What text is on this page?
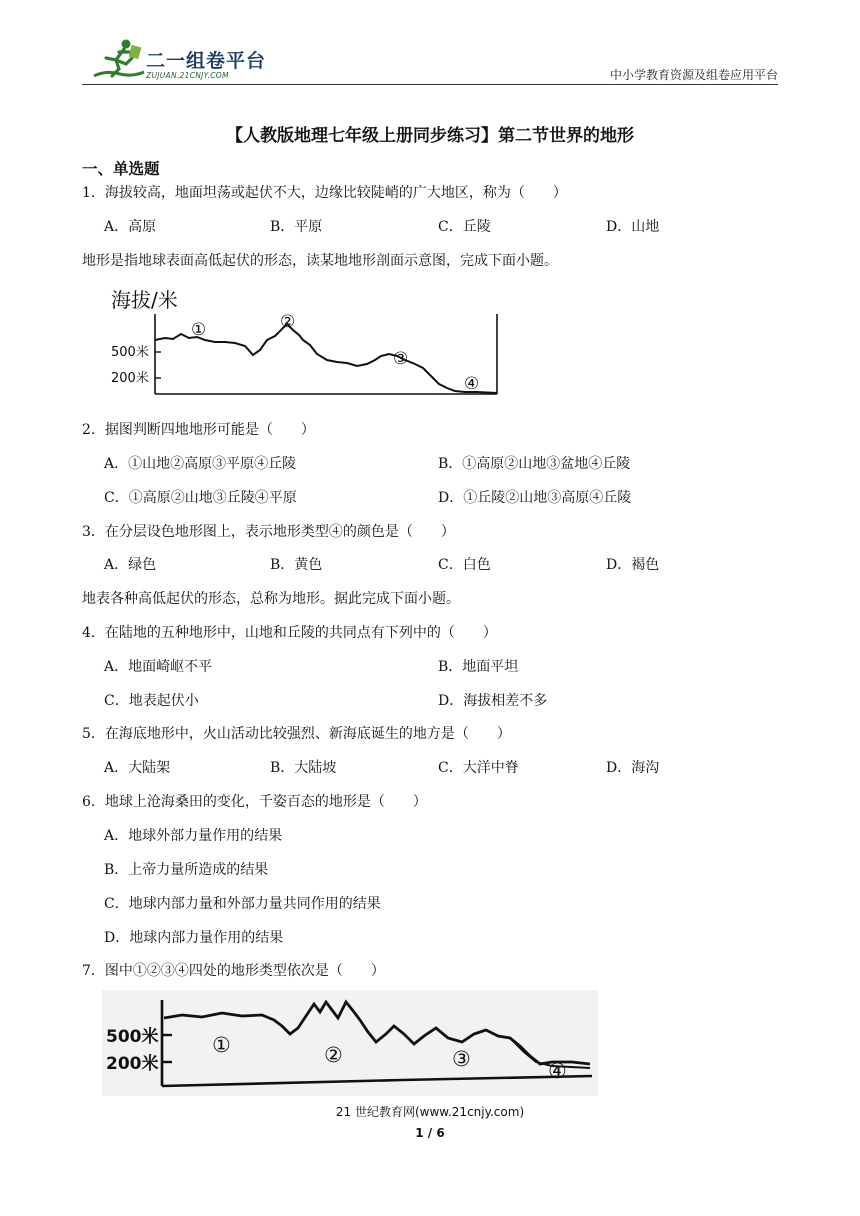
二一组卷平台
ZUJUAN.21CNJY.COM	中小学教育资源及组卷应用平台
【人教版地理七年级上册同步练习】第二节世界的地形
一、单选题
1．海拔较高，地面坦荡或起伏不大，边缘比较陡峭的广大地区，称为（　　）
A．高原	B．平原	C．丘陵	D．山地
地形是指地球表面高低起伏的形态，读某地地形剖面示意图，完成下面小题。
海拔/米
500米
200米
①	②
③
④
2．据图判断四地地形可能是（　　）
A．①山地②高原③平原④丘陵	B．①高原②山地③盆地④丘陵
C．①高原②山地③丘陵④平原	D．①丘陵②山地③高原④丘陵
3．在分层设色地形图上，表示地形类型④的颜色是（　　）
A．绿色	B．黄色	C．白色	D．褐色
地表各种高低起伏的形态，总称为地形。据此完成下面小题。
4．在陆地的五种地形中，山地和丘陵的共同点有下列中的（　　）
A．地面崎岖不平	B．地面平坦
C．地表起伏小	D．海拔相差不多
5．在海底地形中，火山活动比较强烈、新海底诞生的地方是（　　）
A．大陆架	B．大陆坡	C．大洋中脊	D．海沟
6．地球上沧海桑田的变化，千姿百态的地形是（　　）
A．地球外部力量作用的结果
B．上帝力量所造成的结果
C．地球内部力量和外部力量共同作用的结果
D．地球内部力量作用的结果
7．图中①②③④四处的地形类型依次是（　　）
500米
200米
①	②	③	④
21 世纪教育网(www.21cnjy.com)
1 / 6
